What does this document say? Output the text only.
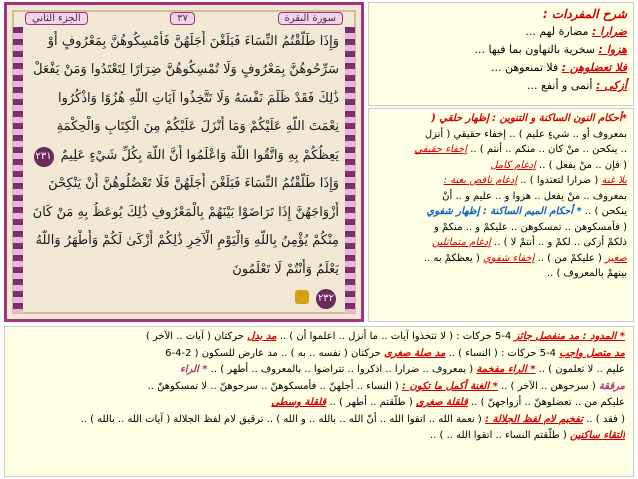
الجزء الثاني	٣٧	سورة البقرة
وَإِذَا طَلَّقْتُمُ النِّسَاءَ فَبَلَغْنَ أَجَلَهُنَّ فَأَمْسِكُوهُنَّ بِمَعْرُوفٍ أَوْ
سَرِّحُوهُنَّ بِمَعْرُوفٍ وَلَا تُمْسِكُوهُنَّ ضِرَارًا لِتَعْتَدُوا وَمَنْ يَفْعَلْ
ذَٰلِكَ فَقَدْ ظَلَمَ نَفْسَهُ وَلَا تَتَّخِذُوا آيَاتِ اللَّهِ هُزُوًا وَاذْكُرُوا
نِعْمَتَ اللَّهِ عَلَيْكُمْ وَمَا أَنْزَلَ عَلَيْكُمْ مِنَ الْكِتَابِ وَالْحِكْمَةِ
يَعِظُكُمْ بِهِ وَاتَّقُوا اللَّهَ وَاعْلَمُوا أَنَّ اللَّهَ بِكُلِّ شَيْءٍ عَلِيمٌ ٢٣١
وَإِذَا طَلَّقْتُمُ النِّسَاءَ فَبَلَغْنَ أَجَلَهُنَّ فَلَا تَعْضُلُوهُنَّ أَنْ يَنْكِحْنَ
أَزْوَاجَهُنَّ إِذَا تَرَاضَوْا بَيْنَهُمْ بِالْمَعْرُوفِ ذَٰلِكَ يُوعَظُ بِهِ مَنْ كَانَ
مِنْكُمْ يُؤْمِنُ بِاللَّهِ وَالْيَوْمِ الْآخِرِ ذَٰلِكُمْ أَزْكَىٰ لَكُمْ وَأَطْهَرُ وَاللَّهُ
يَعْلَمُ وَأَنْتُمْ لَا تَعْلَمُونَ
٢٣٢
شرح المفردات :
ضرارا : مضارة لهم ...
هزوا : سخرية بالتهاون بما فيها ...
فلا تعضلوهن : فلا تمنعوهن ...
أزكى : أنمى و أنفع ...
*أحكام النون الساكنة و التنوين : إظهار حلقي (
بمعروف أو .. شيءٍ عليم ) .. إخفاء حقيقي ( أنزل
.. ينكحن .. منْ كان .. منكم .. أنتم ) .. إخفاء حقيقي
( فإن .. منْ يفعل ) .. إدغام كامل
بلا غنة ( ضرارا لتعتدوا ) .. إدغام ناقص بغنة :
بمعروف .. منْ يفعل .. هزوا و .. عليم و .. أنْ
ينكحن ) .. * أحكام الميم الساكنة : إظهار شفوي
( فأمسكوهن .. تمسكوهن .. عليكمْ و .. منكمْ و
ذلكمْ أزكى .. لكمْ و .. أنتمْ لا ) .. إدغام متماثلين
صغير ( عليكمْ من ) .. إخفاء شفوي ( يعظكمْ به ..
بينهمْ بالمعروف ) ..
* المدود : مد منفصل جائز 4-5 حركات : ( لا تتخذوا آيات .. ما أنزل .. اعلموا أن ) .. مد بدل حركتان ( آيات .. الآخر )
مد متصل واجب 4-5 حركات : ( النساء ) .. مد صلة صغرى حركتان ( نفسه .. به ) .. مد عارض للسكون ( 2-4-6
عليم .. لا تعلمون ) .. * الراء مفخمة ( بمعروف .. ضرارا .. اذكروا .. تتراضوا .. بالمعروف .. أطهر ) .. * الراء
مرققة ( سرحوهن .. الآخر ) .. * الغنة أكمل ما تكون : ( النساء .. أجلهنّ .. فأمسكوهنّ .. سرحوهنّ .. لا تمسكوهنّ ..
عليكم من .. تعضلوهنّ .. أزواجهنّ ) .. قلقلة صغرى ( طلّقتم .. أطهر ) .. قلقلة وسطى
( فقد ) .. تفخيم لام لفظ الجلالة : ( نعمة الله .. اتقوا الله .. أنّ الله .. بالله .. و الله ) .. ترقيق لام لفظ الجلالة ( آيات الله .. بالله ) ..
التقاء ساكنين ( طلّقتم النساء .. اتقوا الله .. ) ..
